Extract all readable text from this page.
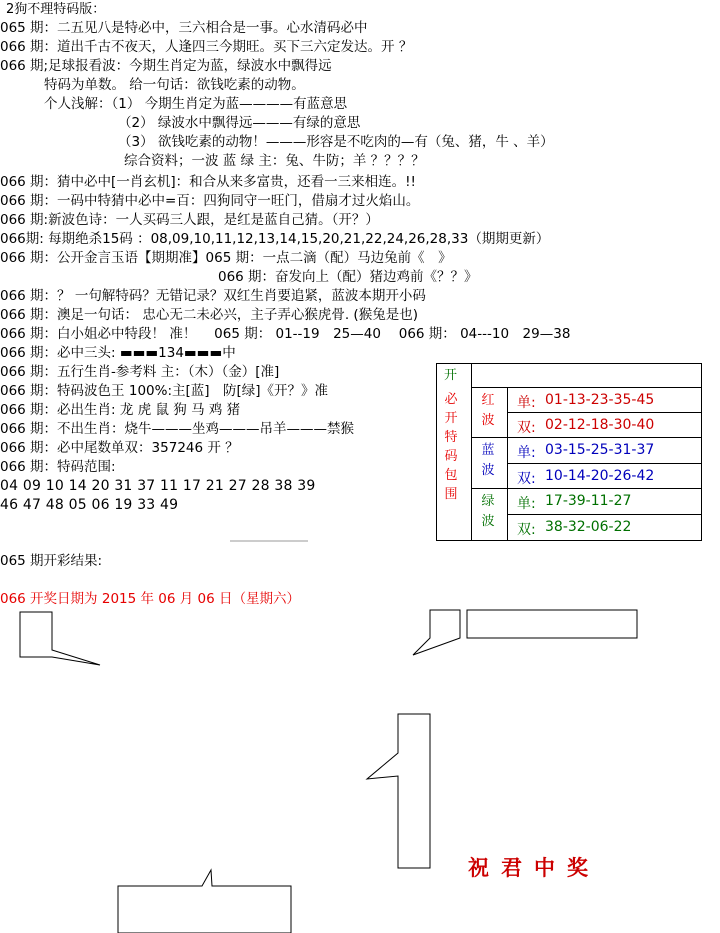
2狗不理特码版：
065 期：二五见八是特必中，三六相合是一事。心水清码必中
066 期：道出千古不夜天，人逢四三今期旺。买下三六定发达。开 ？
066 期;足球报看波：今期生肖定为蓝，绿波水中飘得远
特码为单数。 给一句话：欲钱吃素的动物。
个人浅解：（1） 今期生肖定为蓝————有蓝意思
（2） 绿波水中飘得远———有绿的意思
（3） 欲钱吃素的动物！———形容是不吃肉的—有（兔、猪，牛 、羊）
综合资料；一波 蓝 绿 主：兔、牛防；羊 ？？？？
066 期：猜中必中[一肖玄机]：和合从来多富贵，还看一三来相连。!!
066 期：一码中特猜中必中=百：四狗同守一旺门，借扇才过火焰山。
066 期:新波色诗：一人买码三人跟，是红是蓝自己猜。（开？）
066期: 每期绝杀15码 ：08,09,10,11,12,13,14,15,20,21,22,24,26,28,33（期期更新）
066 期：公开金言玉语【期期准】065 期：一点二滴（配）马边兔前《　》
066 期：奋发向上（配）猪边鸡前《？？》
066 期：？ 一句解特码？无错记录？双红生肖要追紧，蓝波本期开小码
066 期：澳足一句话： 忠心无二未必兴，主子弄心猴虎骨. (猴兔是也)
066 期：白小姐必中特段！ 准！ 　065 期： 01--19　25—40　 066 期： 04---10　29—38
066 期：必中三头: ▬▬▬134▬▬▬中
066 期：五行生肖-参考料 主：（木）（金）[准]
066 期：特码波色王 100%:主[蓝]　防[绿]《开？》准
066 期：必出生肖: 龙 虎 鼠 狗 马 鸡 猪
066 期：不出生肖：烧牛———坐鸡———吊羊———禁猴
066 期：必中尾数单双：357246 开 ？
066 期：特码范围:
04 09 10 14 20 31 37 11 17 21 27 28 38 39
46 47 48 05 06 19 33 49
065 期开彩结果:
066 开奖日期为 2015 年 06 月 06 日（星期六）
开
必开特码包围
红波
蓝波
绿波
单: 01-13-23-35-45
双: 02-12-18-30-40
单: 03-15-25-31-37
双: 10-14-20-26-42
单: 17-39-11-27
双: 38-32-06-22
祝君中奖
